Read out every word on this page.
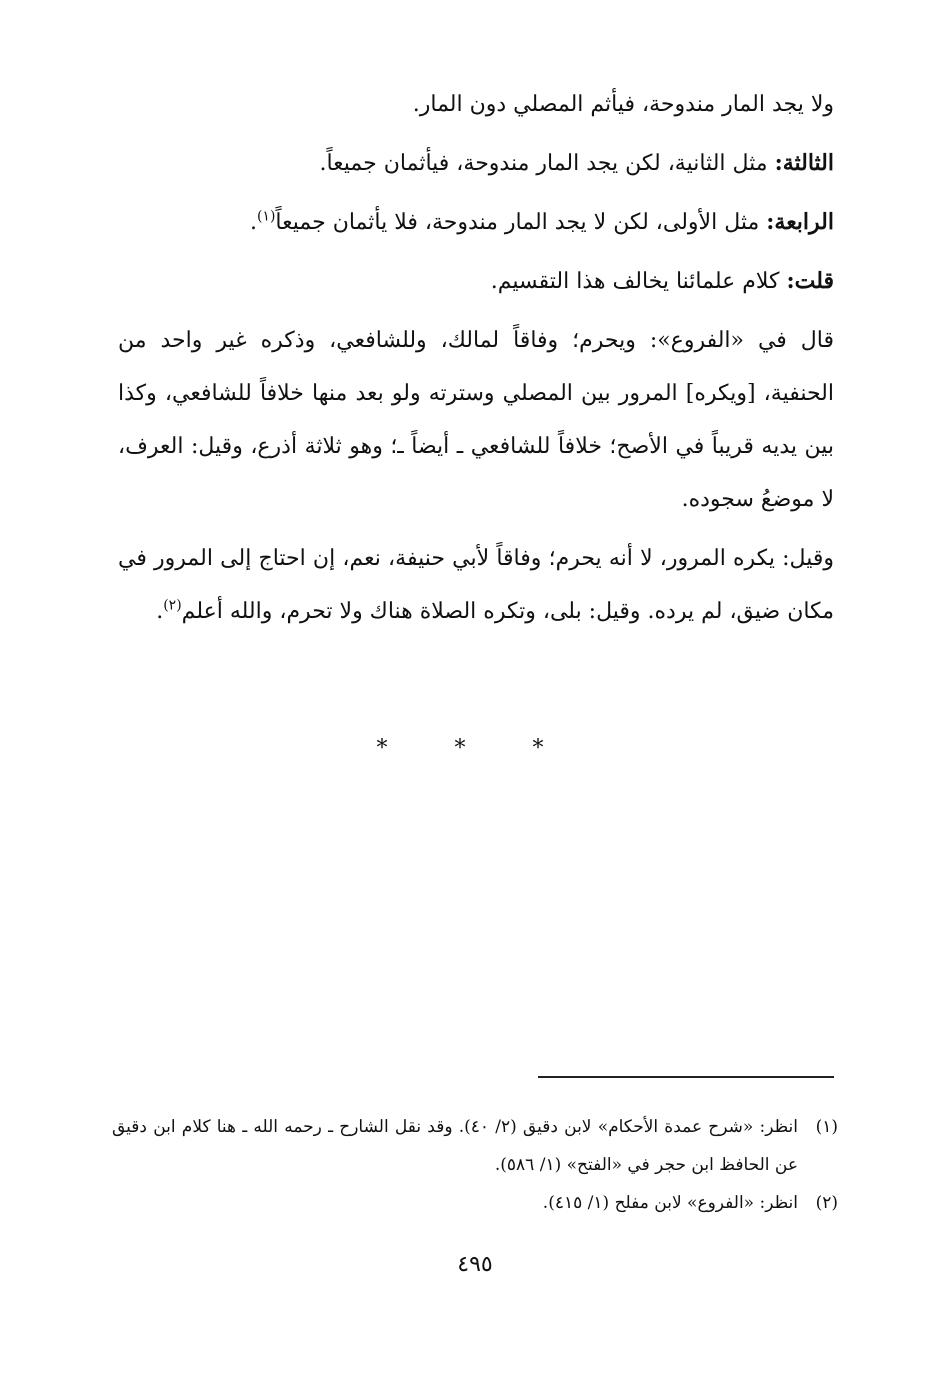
ولا يجد المار مندوحة، فيأثم المصلي دون المار.

الثالثة: مثل الثانية، لكن يجد المار مندوحة، فيأثمان جميعاً.

الرابعة: مثل الأولى، لكن لا يجد المار مندوحة، فلا يأثمان جميعاً$^{(١)}$.

قلت: كلام علمائنا يخالف هذا التقسيم.

قال في «الفروع»: ويحرم؛ وفاقاً لمالك، وللشافعي، وذكره غير واحد من الحنفية، [ويكره] المرور بين المصلي وسترته ولو بعد منها خلافاً للشافعي، وكذا بين يديه قريباً في الأصح؛ خلافاً للشافعي ـ أيضاً ـ؛ وهو ثلاثة أذرع، وقيل: العرف، لا موضعُ سجوده.

وقيل: يكره المرور، لا أنه يحرم؛ وفاقاً لأبي حنيفة، نعم، إن احتاج إلى المرور في مكان ضيق، لم يرده. وقيل: بلى، وتكره الصلاة هناك ولا تحرم، والله أعلم$^{(٢)}$.

* * *
(١)
انظر: «شرح عمدة الأحكام» لابن دقيق (٢/ ٤٠). وقد نقل الشارح ـ رحمه الله ـ هنا كلام ابن دقيق عن الحافظ ابن حجر في «الفتح» (١/ ٥٨٦).
(٢)
انظر: «الفروع» لابن مفلح (١/ ٤١٥).
٤٩٥
